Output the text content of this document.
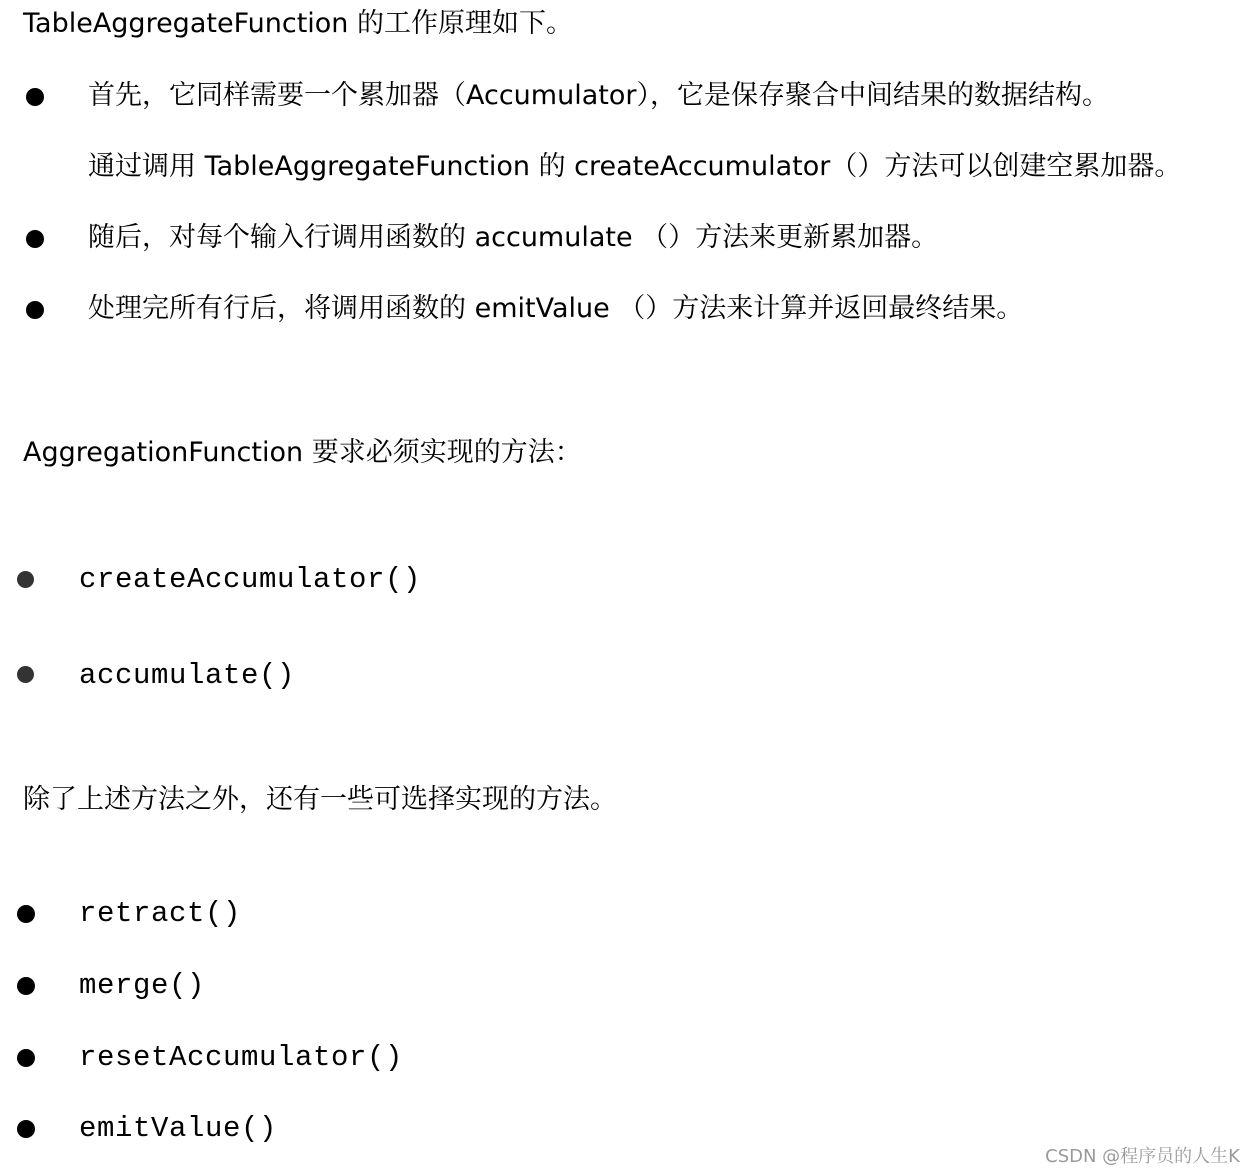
TableAggregateFunction 的工作原理如下。
首先，它同样需要一个累加器（Accumulator），它是保存聚合中间结果的数据结构。
通过调用 TableAggregateFunction 的 createAccumulator（）方法可以创建空累加器。
随后，对每个输入行调用函数的 accumulate （）方法来更新累加器。
处理完所有行后，将调用函数的 emitValue （）方法来计算并返回最终结果。
AggregationFunction 要求必须实现的方法：
createAccumulator()
accumulate()
除了上述方法之外，还有一些可选择实现的方法。
retract()
merge()
resetAccumulator()
emitValue()
CSDN @程序员的人生K
